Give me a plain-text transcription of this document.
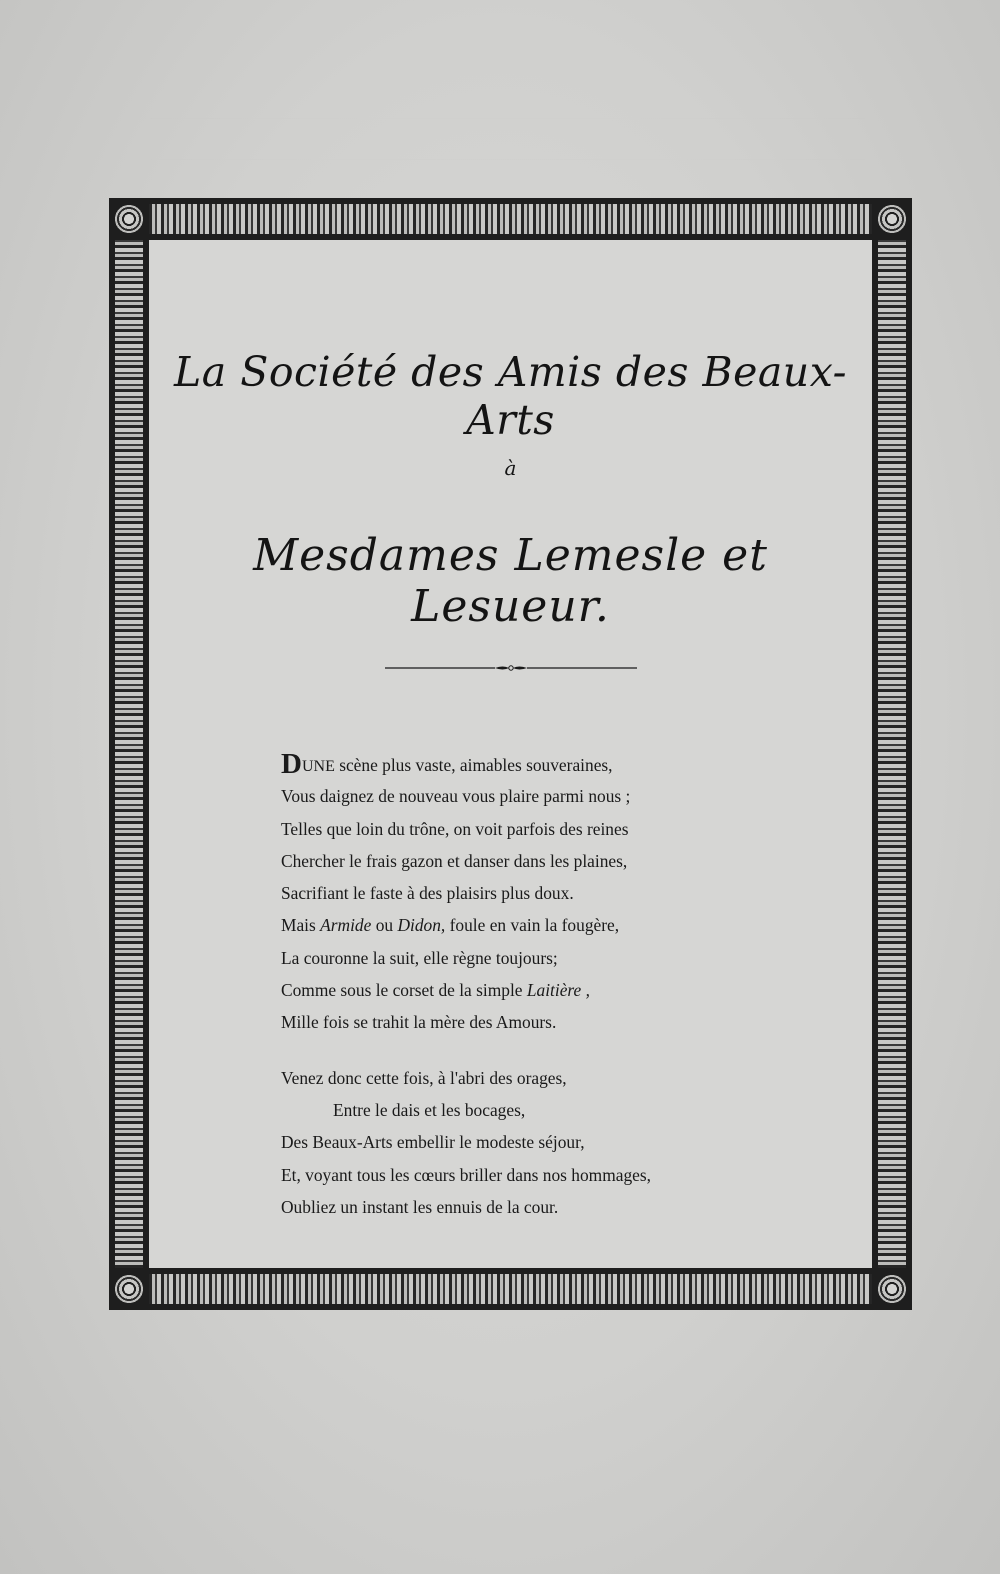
La Société des Amis des Beaux-Arts
à
Mesdames Lemesle et Lesueur.
DUNE scène plus vaste, aimables souveraines,
Vous daignez de nouveau vous plaire parmi nous ;
Telles que loin du trône, on voit parfois des reines
Chercher le frais gazon et danser dans les plaines,
Sacrifiant le faste à des plaisirs plus doux.
Mais Armide ou Didon, foule en vain la fougère,
La couronne la suit, elle règne toujours;
Comme sous le corset de la simple Laitière ,
Mille fois se trahit la mère des Amours.
Venez donc cette fois, à l'abri des orages,
Entre le dais et les bocages,
Des Beaux-Arts embellir le modeste séjour,
Et, voyant tous les cœurs briller dans nos hommages,
Oubliez un instant les ennuis de la cour.
